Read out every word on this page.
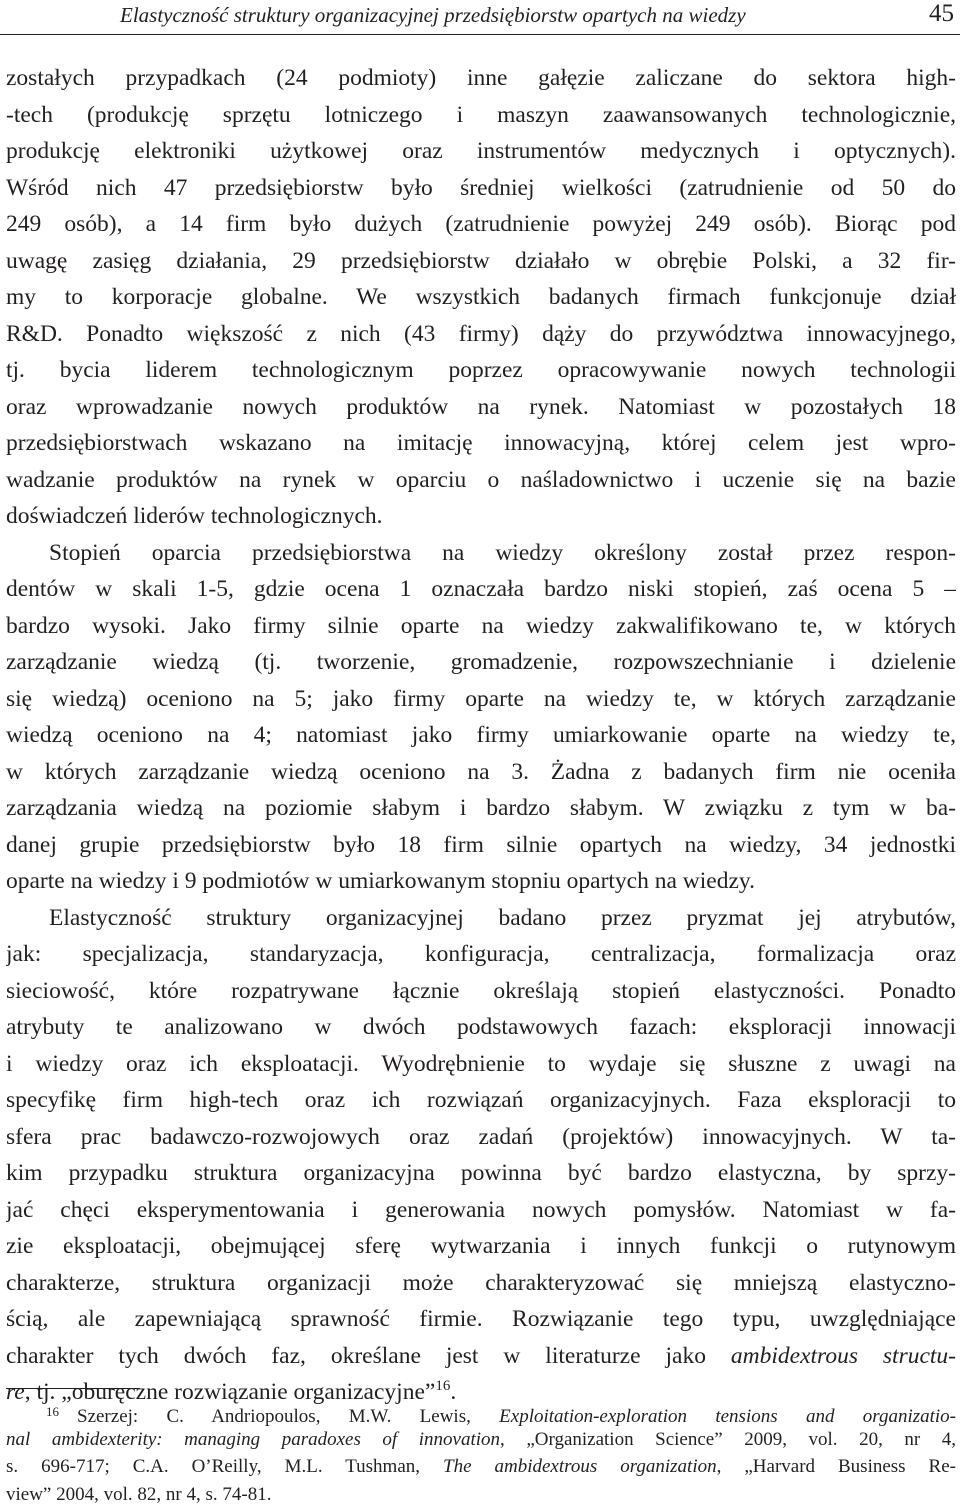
Elastyczność struktury organizacyjnej przedsiębiorstw opartych na wiedzy	45
zostałych przypadkach (24 podmioty) inne gałęzie zaliczane do sektora high-
-tech (produkcję sprzętu lotniczego i maszyn zaawansowanych technologicznie,
produkcję elektroniki użytkowej oraz instrumentów medycznych i optycznych).
Wśród nich 47 przedsiębiorstw było średniej wielkości (zatrudnienie od 50 do
249 osób), a 14 firm było dużych (zatrudnienie powyżej 249 osób). Biorąc pod
uwagę zasięg działania, 29 przedsiębiorstw działało w obrębie Polski, a 32 fir-
my to korporacje globalne. We wszystkich badanych firmach funkcjonuje dział
R&D. Ponadto większość z nich (43 firmy) dąży do przywództwa innowacyjnego,
tj. bycia liderem technologicznym poprzez opracowywanie nowych technologii
oraz wprowadzanie nowych produktów na rynek. Natomiast w pozostałych 18
przedsiębiorstwach wskazano na imitację innowacyjną, której celem jest wpro-
wadzanie produktów na rynek w oparciu o naśladownictwo i uczenie się na bazie
doświadczeń liderów technologicznych.
Stopień oparcia przedsiębiorstwa na wiedzy określony został przez respon-
dentów w skali 1-5, gdzie ocena 1 oznaczała bardzo niski stopień, zaś ocena 5 –
bardzo wysoki. Jako firmy silnie oparte na wiedzy zakwalifikowano te, w których
zarządzanie wiedzą (tj. tworzenie, gromadzenie, rozpowszechnianie i dzielenie
się wiedzą) oceniono na 5; jako firmy oparte na wiedzy te, w których zarządzanie
wiedzą oceniono na 4; natomiast jako firmy umiarkowanie oparte na wiedzy te,
w których zarządzanie wiedzą oceniono na 3. Żadna z badanych firm nie oceniła
zarządzania wiedzą na poziomie słabym i bardzo słabym. W związku z tym w ba-
danej grupie przedsiębiorstw było 18 firm silnie opartych na wiedzy, 34 jednostki
oparte na wiedzy i 9 podmiotów w umiarkowanym stopniu opartych na wiedzy.
Elastyczność struktury organizacyjnej badano przez pryzmat jej atrybutów,
jak: specjalizacja, standaryzacja, konfiguracja, centralizacja, formalizacja oraz
sieciowość, które rozpatrywane łącznie określają stopień elastyczności. Ponadto
atrybuty te analizowano w dwóch podstawowych fazach: eksploracji innowacji
i wiedzy oraz ich eksploatacji. Wyodrębnienie to wydaje się słuszne z uwagi na
specyfikę firm high-tech oraz ich rozwiązań organizacyjnych. Faza eksploracji to
sfera prac badawczo-rozwojowych oraz zadań (projektów) innowacyjnych. W ta-
kim przypadku struktura organizacyjna powinna być bardzo elastyczna, by sprzy-
jać chęci eksperymentowania i generowania nowych pomysłów. Natomiast w fa-
zie eksploatacji, obejmującej sferę wytwarzania i innych funkcji o rutynowym
charakterze, struktura organizacji może charakteryzować się mniejszą elastyczno-
ścią, ale zapewniającą sprawność firmie. Rozwiązanie tego typu, uwzględniające
charakter tych dwóch faz, określane jest w literaturze jako ambidextrous structu-
re, tj. „oburęczne rozwiązanie organizacyjne”$^{16}$.
$^{16}$ Szerzej: C. Andriopoulos, M.W. Lewis, Exploitation-exploration tensions and organizatio-
nal ambidexterity: managing paradoxes of innovation, „Organization Science” 2009, vol. 20, nr 4,
s. 696-717; C.A. O’Reilly, M.L. Tushman, The ambidextrous organization, „Harvard Business Re-
view” 2004, vol. 82, nr 4, s. 74-81.
